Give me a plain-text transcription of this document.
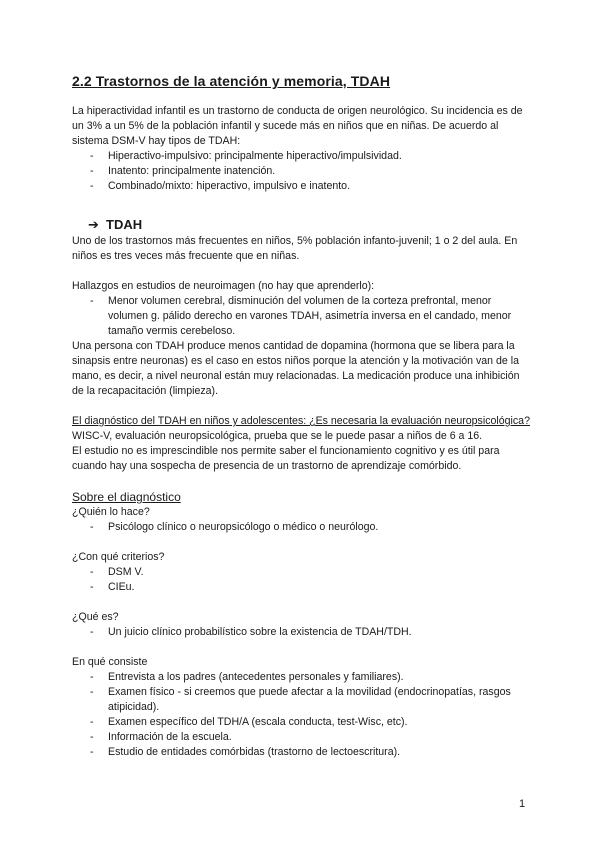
2.2 Trastornos de la atención y memoria, TDAH

La hiperactividad infantil es un trastorno de conducta de origen neurológico. Su incidencia es de un 3% a un 5% de la población infantil y sucede más en niños que en niñas. De acuerdo al sistema DSM-V hay tipos de TDAH:

- Hiperactivo-impulsivo: principalmente hiperactivo/impulsividad.
- Inatento: principalmente inatención.
- Combinado/mixto: hiperactivo, impulsivo e inatento.
➔ TDAH

Uno de los trastornos más frecuentes en niños, 5% población infanto-juvenil; 1 o 2 del aula. En niños es tres veces más frecuente que en niñas.

Hallazgos en estudios de neuroimagen (no hay que aprenderlo):

- Menor volumen cerebral, disminución del volumen de la corteza prefrontal, menor volumen g. pálido derecho en varones TDAH, asimetría inversa en el candado, menor tamaño vermis cerebeloso.

Una persona con TDAH produce menos cantidad de dopamina (hormona que se libera para la sinapsis entre neuronas) es el caso en estos niños porque la atención y la motivación van de la mano, es decir, a nivel neuronal están muy relacionadas. La medicación produce una inhibición de la recapacitación (limpieza).

El diagnóstico del TDAH en niños y adolescentes: ¿Es necesaria la evaluación neuropsicológica?

WISC-V, evaluación neuropsicológica, prueba que se le puede pasar a niños de 6 a 16.

El estudio no es imprescindible nos permite saber el funcionamiento cognitivo y es útil para cuando hay una sospecha de presencia de un trastorno de aprendizaje comórbido.

Sobre el diagnóstico

¿Quién lo hace?

- Psicólogo clínico o neuropsicólogo o médico o neurólogo.

¿Con qué criterios?

- DSM V.
- CIEu.

¿Qué es?

- Un juicio clínico probabilístico sobre la existencia de TDAH/TDH.

En qué consiste

- Entrevista a los padres (antecedentes personales y familiares).
- Examen físico - si creemos que puede afectar a la movilidad (endocrinopatías, rasgos atipicidad).
- Examen específico del TDH/A (escala conducta, test-Wisc, etc).
- Información de la escuela.
- Estudio de entidades comórbidas (trastorno de lectoescritura).
1
